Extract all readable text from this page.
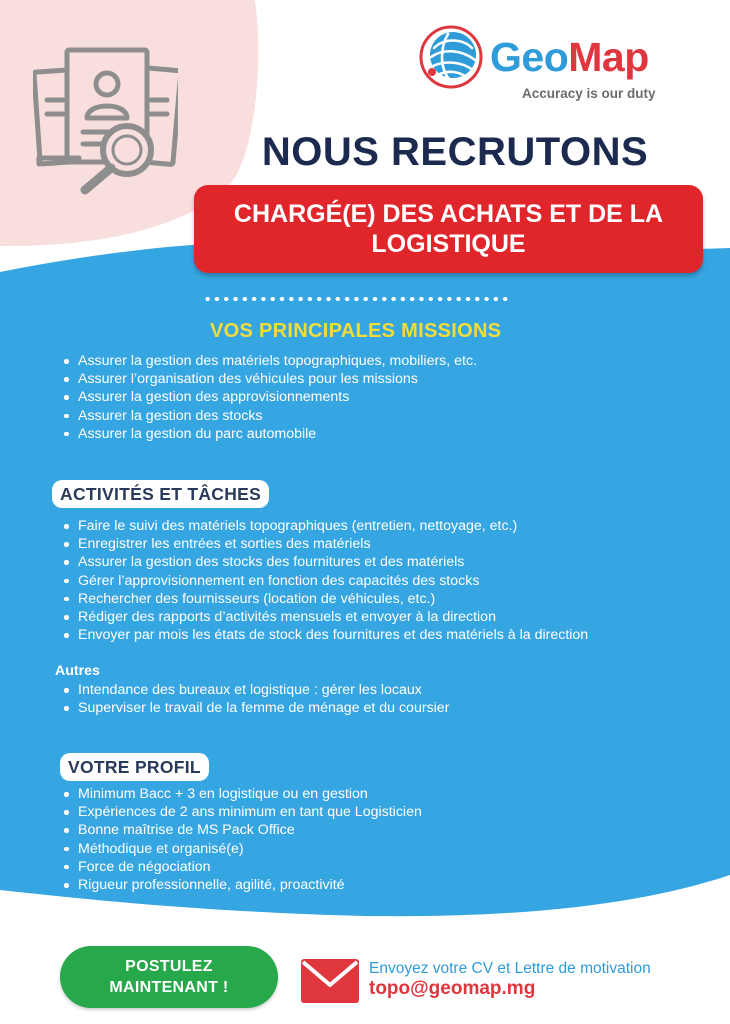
GeoMap
Accuracy is our duty
NOUS RECRUTONS
CHARGÉ(E) DES ACHATS ET DE LA LOGISTIQUE
VOS PRINCIPALES MISSIONS
Assurer la gestion des matériels topographiques, mobiliers, etc.
Assurer l’organisation des véhicules pour les missions
Assurer la gestion des approvisionnements
Assurer la gestion des stocks
Assurer la gestion du parc automobile
ACTIVITÉS ET TÂCHES
Faire le suivi des matériels topographiques (entretien, nettoyage, etc.)
Enregistrer les entrées et sorties des matériels
Assurer la gestion des stocks des fournitures et des matériels
Gérer l’approvisionnement en fonction des capacités des stocks
Rechercher des fournisseurs (location de véhicules, etc.)
Rédiger des rapports d’activités mensuels et envoyer à la direction
Envoyer par mois les états de stock des fournitures et des matériels à la direction
Autres
Intendance des bureaux et logistique : gérer les locaux
Superviser le travail de la femme de ménage et du coursier
VOTRE PROFIL
Minimum Bacc + 3 en logistique ou en gestion
Expériences de 2 ans minimum en tant que Logisticien
Bonne maîtrise de MS Pack Office
Méthodique et organisé(e)
Force de négociation
Rigueur professionnelle, agilité, proactivité
POSTULEZ
MAINTENANT !
Envoyez votre CV et Lettre de motivation
topo@geomap.mg
